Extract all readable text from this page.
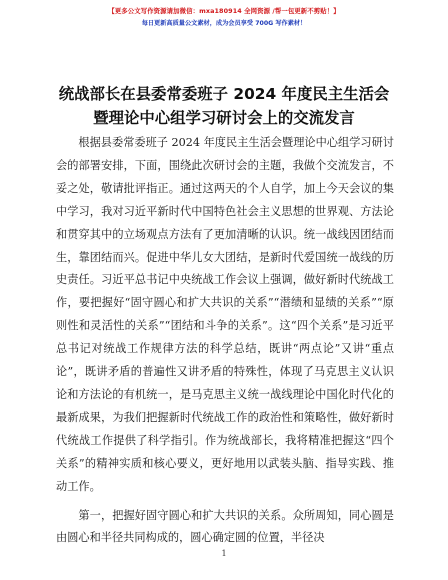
【更多公文写作资源请加微信：mxa180914 全网资源 /帮一包更新不剪贴！】
每日更新高质量公文素材，成为会员享受 700G 写作素材！
统战部长在县委常委班子 2024 年度民主生活会
暨理论中心组学习研讨会上的交流发言

根据县委常委班子 2024 年度民主生活会暨理论中心组学习研讨会的部署安排，下面，围绕此次研讨会的主题，我做个交流发言，不妥之处，敬请批评指正。通过这两天的个人自学，加上今天会议的集中学习，我对习近平新时代中国特色社会主义思想的世界观、方法论和贯穿其中的立场观点方法有了更加清晰的认识。统一战线因团结而生，靠团结而兴。促进中华儿女大团结，是新时代爱国统一战线的历史责任。习近平总书记中央统战工作会议上强调，做好新时代统战工作，要把握好“固守圆心和扩大共识的关系”“潜绩和显绩的关系”“原则性和灵活性的关系”“团结和斗争的关系”。这“四个关系”是习近平总书记对统战工作规律方法的科学总结，既讲“两点论”又讲“重点论”，既讲矛盾的普遍性又讲矛盾的特殊性，体现了马克思主义认识论和方法论的有机统一，是马克思主义统一战线理论中国化时代化的最新成果，为我们把握新时代统战工作的政治性和策略性，做好新时代统战工作提供了科学指引。作为统战部长，我将精准把握这“四个关系”的精神实质和核心要义，更好地用以武装头脑、指导实践、推动工作。

第一，把握好固守圆心和扩大共识的关系。众所周知，同心圆是由圆心和半径共同构成的，圆心确定圆的位置，半径决

1
